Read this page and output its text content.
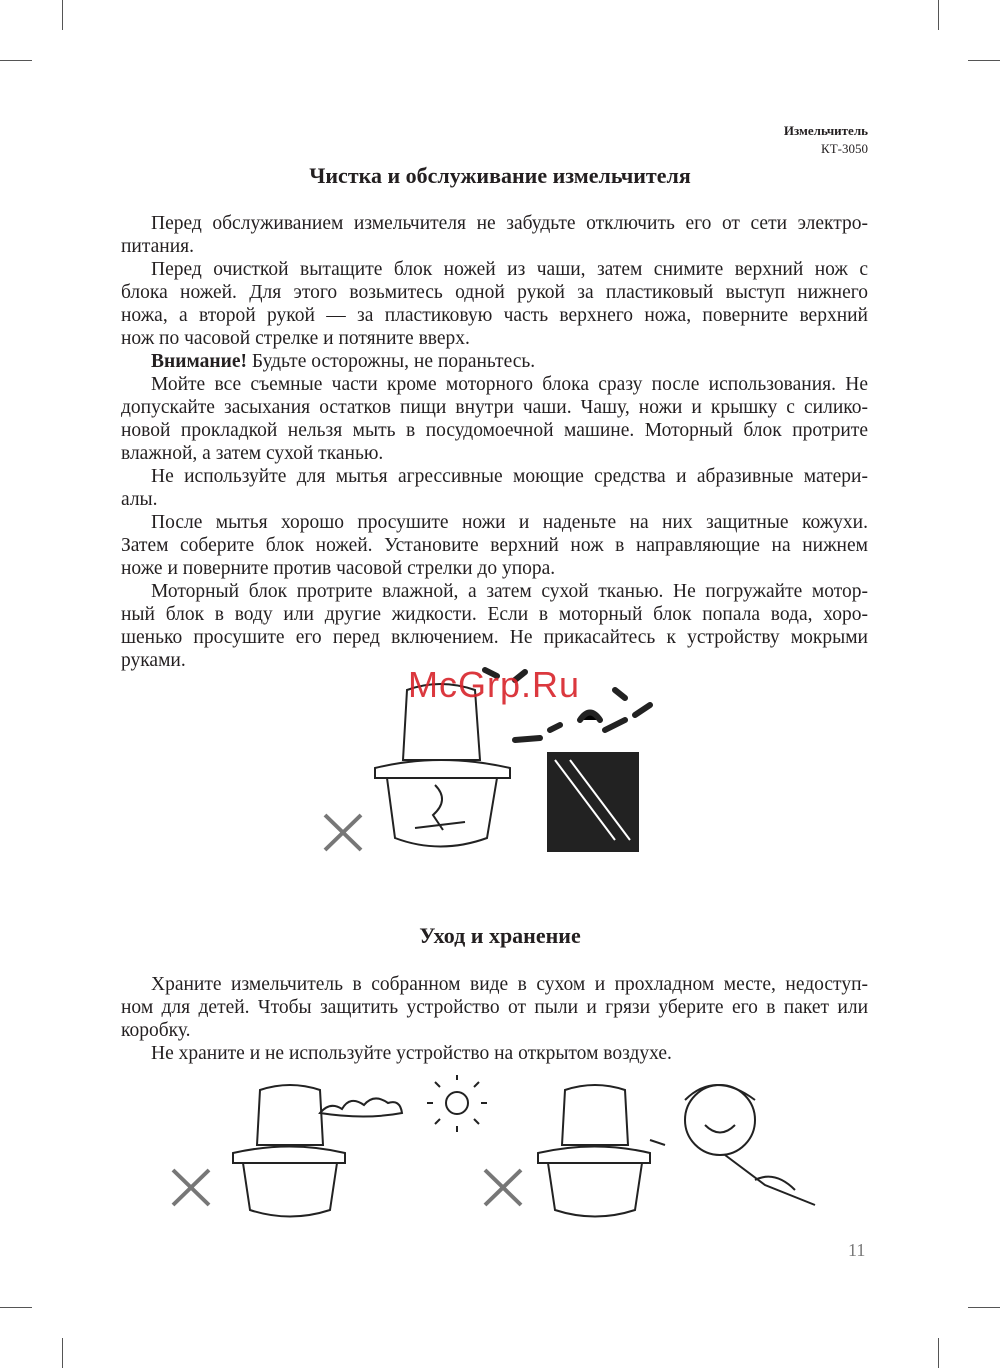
Измельчитель
КТ-3050
Чистка и обслуживание измельчителя
Перед обслуживанием измельчителя не забудьте отключить его от сети электро-
питания.
Перед очисткой вытащите блок ножей из чаши, затем снимите верхний нож с
блока ножей. Для этого возьмитесь одной рукой за пластиковый выступ нижнего
ножа, а второй рукой — за пластиковую часть верхнего ножа, поверните верхний
нож по часовой стрелке и потяните вверх.
Внимание! Будьте осторожны, не пораньтесь.
Мойте все съемные части кроме моторного блока сразу после использования. Не
допускайте засыхания остатков пищи внутри чаши. Чашу, ножи и крышку с силико-
новой прокладкой нельзя мыть в посудомоечной машине. Моторный блок протрите
влажной, а затем сухой тканью.
Не используйте для мытья агрессивные моющие средства и абразивные матери-
алы.
После мытья хорошо просушите ножи и наденьте на них защитные кожухи.
Затем соберите блок ножей. Установите верхний нож в направляющие на нижнем
ноже и поверните против часовой стрелки до упора.
Моторный блок протрите влажной, а затем сухой тканью. Не погружайте мотор-
ный блок в воду или другие жидкости. Если в моторный блок попала вода, хоро-
шенько просушите его перед включением. Не прикасайтесь к устройству мокрыми
руками.
McGrp.Ru
Уход и хранение
Храните измельчитель в собранном виде в сухом и прохладном месте, недоступ-
ном для детей. Чтобы защитить устройство от пыли и грязи уберите его в пакет или
коробку.
Не храните и не используйте устройство на открытом воздухе.
11
